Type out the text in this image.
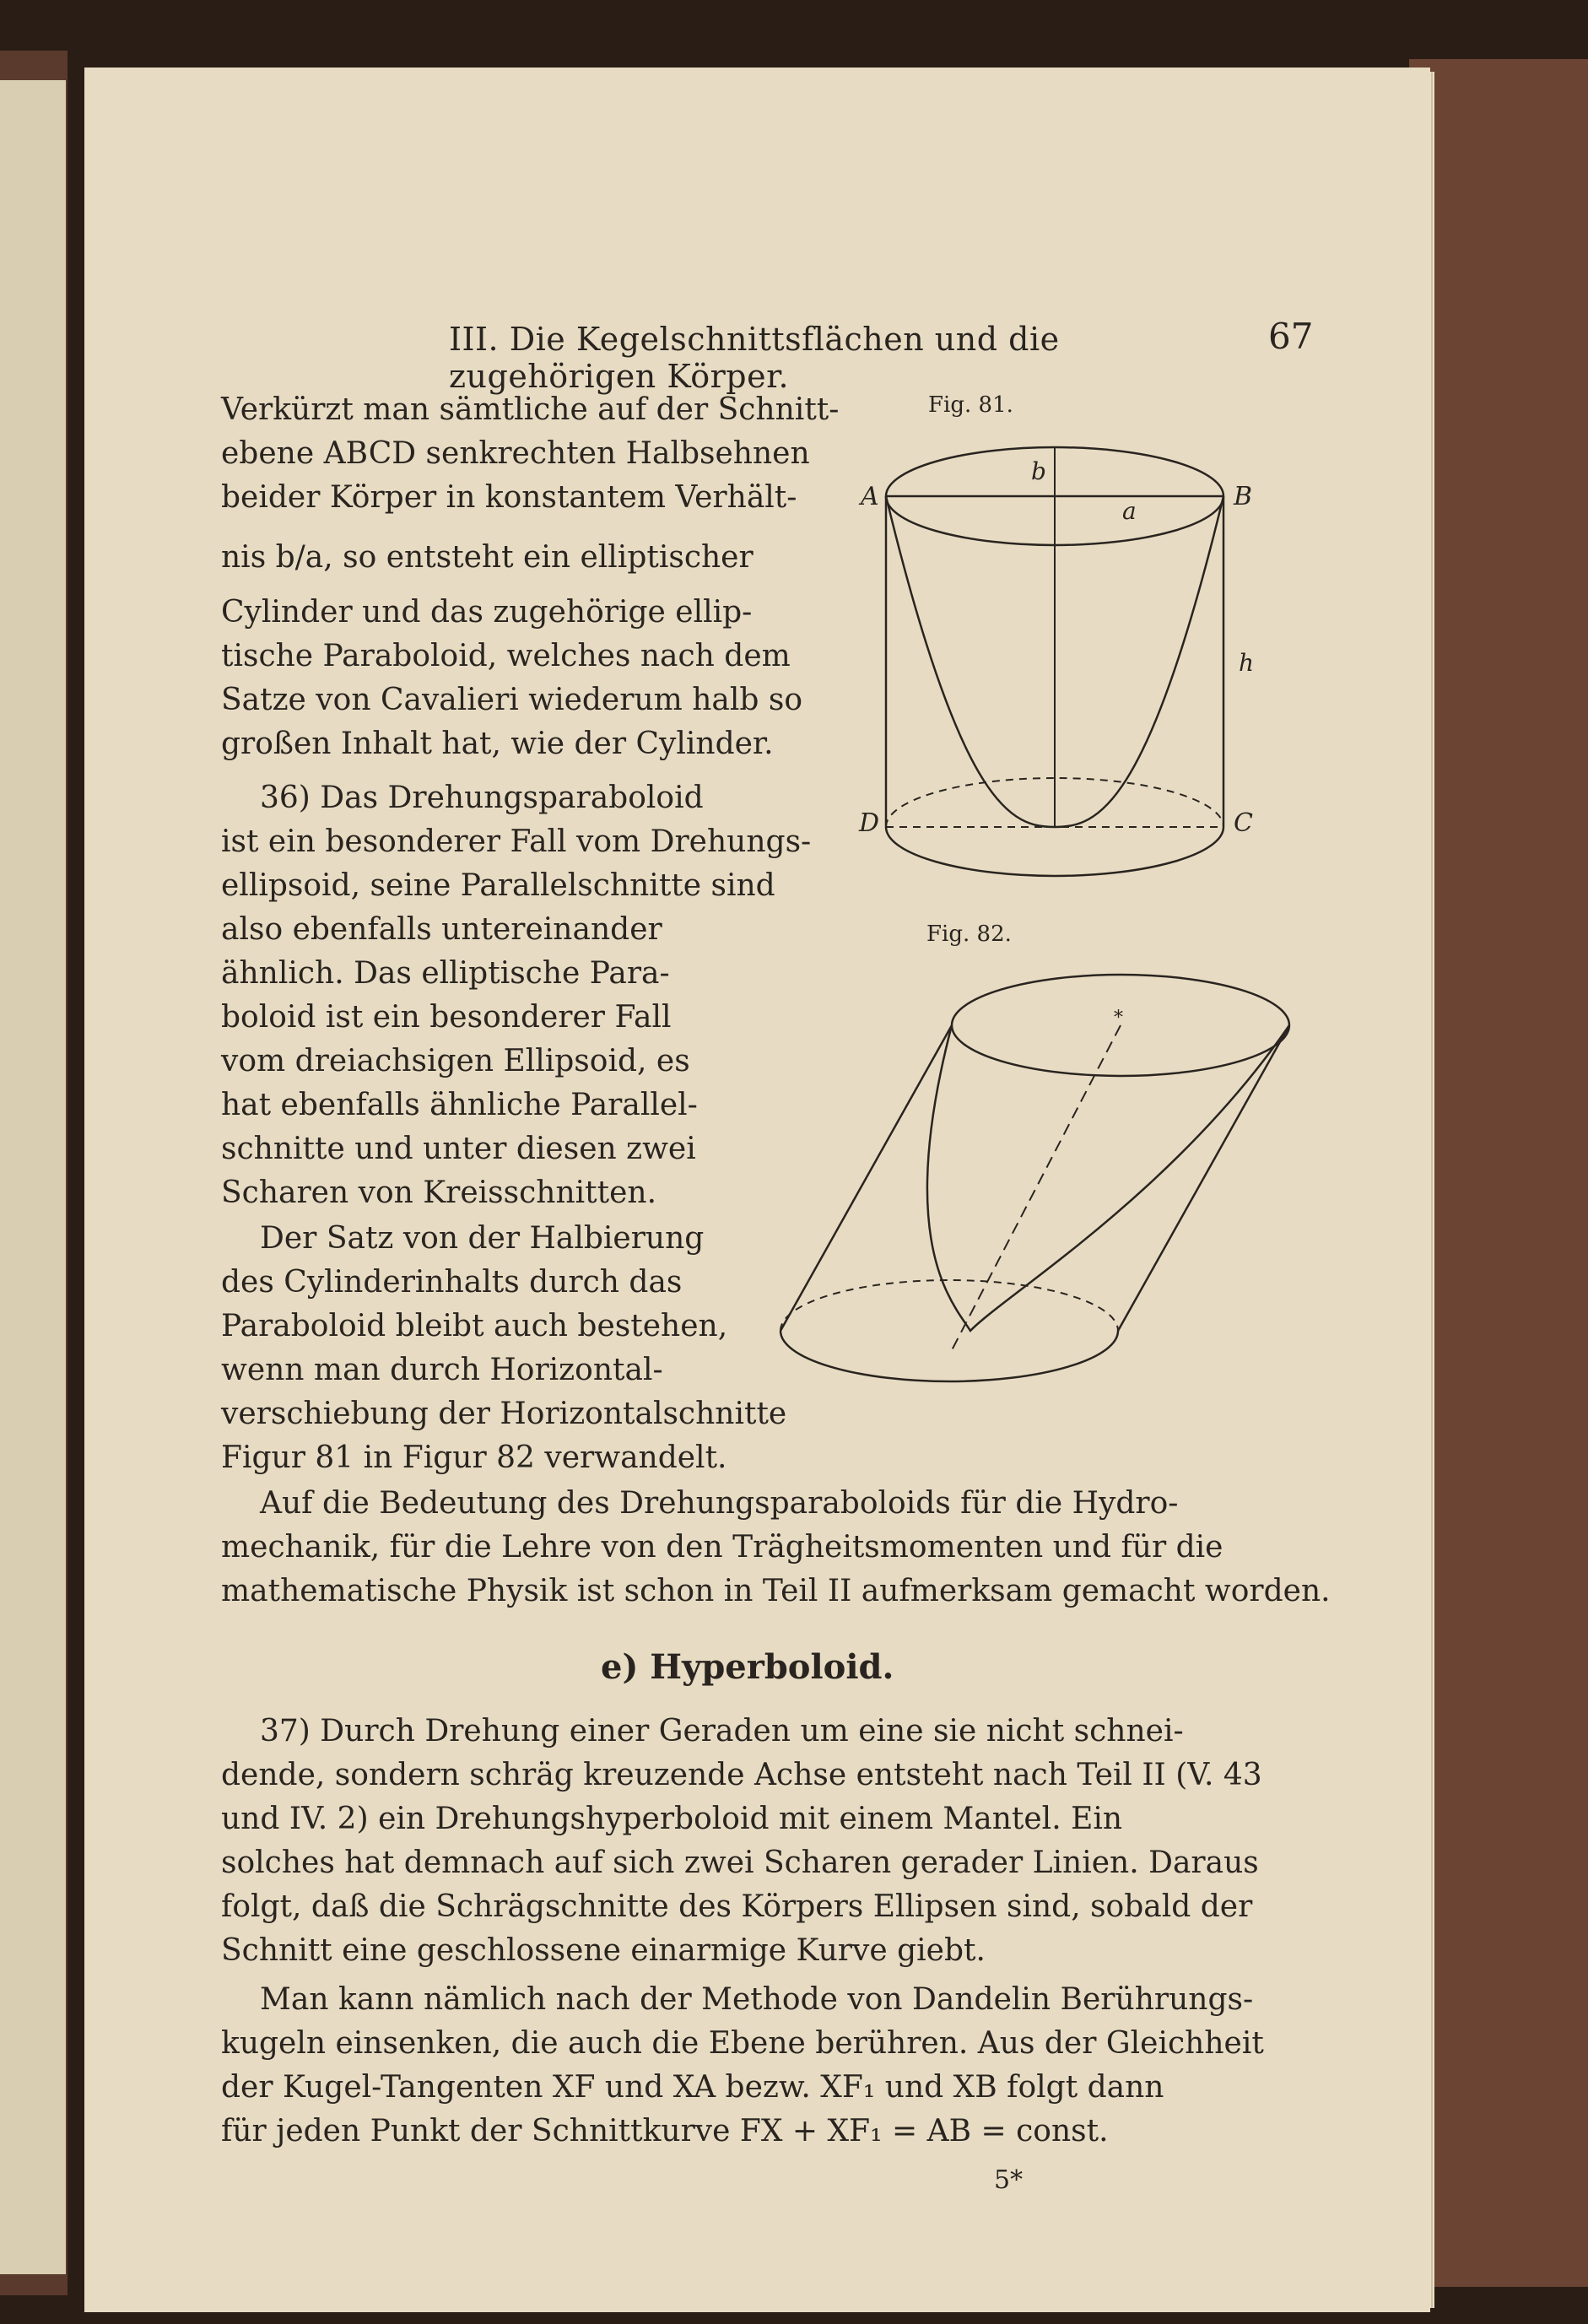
III. Die Kegelschnittsflächen und die zugehörigen Körper.
67
Verkürzt man sämtliche auf der Schnitt-
ebene ABCD senkrechten Halbsehnen
beider Körper in konstantem Verhält-
nis b/a, so entsteht ein elliptischer
Cylinder und das zugehörige ellip-
tische Paraboloid, welches nach dem
Satze von Cavalieri wiederum halb so
großen Inhalt hat, wie der Cylinder.
36) Das Drehungsparaboloid
ist ein besonderer Fall vom Drehungs-
ellipsoid, seine Parallelschnitte sind
also ebenfalls untereinander
ähnlich. Das elliptische Para-
boloid ist ein besonderer Fall
vom dreiachsigen Ellipsoid, es
hat ebenfalls ähnliche Parallel-
schnitte und unter diesen zwei
Scharen von Kreisschnitten.
Der Satz von der Halbierung
des Cylinderinhalts durch das
Paraboloid bleibt auch bestehen,
wenn man durch Horizontal-
verschiebung der Horizontalschnitte
Figur 81 in Figur 82 verwandelt.
Auf die Bedeutung des Drehungsparaboloids für die Hydro-
mechanik, für die Lehre von den Trägheitsmomenten und für die
mathematische Physik ist schon in Teil II aufmerksam gemacht worden.
e) Hyperboloid.
37) Durch Drehung einer Geraden um eine sie nicht schnei-
dende, sondern schräg kreuzende Achse entsteht nach Teil II (V. 43
und IV. 2) ein Drehungshyperboloid mit einem Mantel. Ein
solches hat demnach auf sich zwei Scharen gerader Linien. Daraus
folgt, daß die Schrägschnitte des Körpers Ellipsen sind, sobald der
Schnitt eine geschlossene einarmige Kurve giebt.
Man kann nämlich nach der Methode von Dandelin Berührungs-
kugeln einsenken, die auch die Ebene berühren. Aus der Gleichheit
der Kugel-Tangenten XF und XA bezw. XF₁ und XB folgt dann
für jeden Punkt der Schnittkurve FX + XF₁ = AB = const.
5*
Fig. 81.
A	B
C
D
a
b
h
Fig. 82.
*
